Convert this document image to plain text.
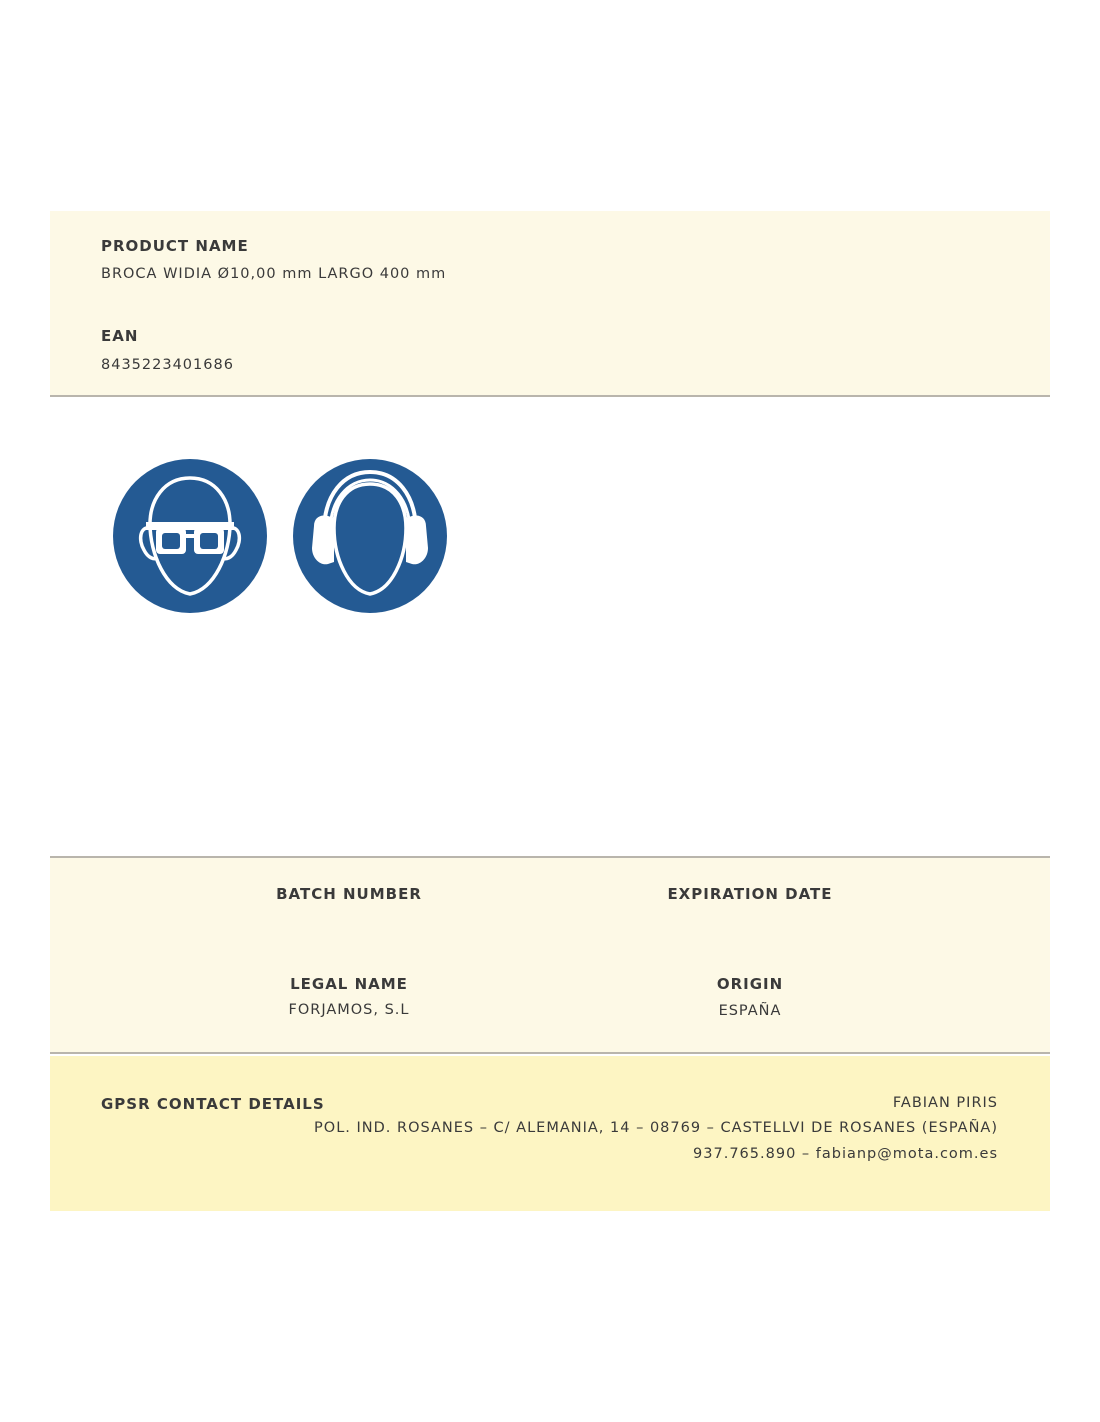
PRODUCT NAME
BROCA WIDIA Ø10,00 mm LARGO 400 mm
EAN
8435223401686
BATCH NUMBER	EXPIRATION DATE
LEGAL NAME
FORJAMOS, S.L
ORIGIN
ESPAÑA
GPSR CONTACT DETAILS	FABIAN PIRIS
POL. IND. ROSANES – C/ ALEMANIA, 14 – 08769 – CASTELLVI DE ROSANES (ESPAÑA)
937.765.890 – fabianp@mota.com.es
